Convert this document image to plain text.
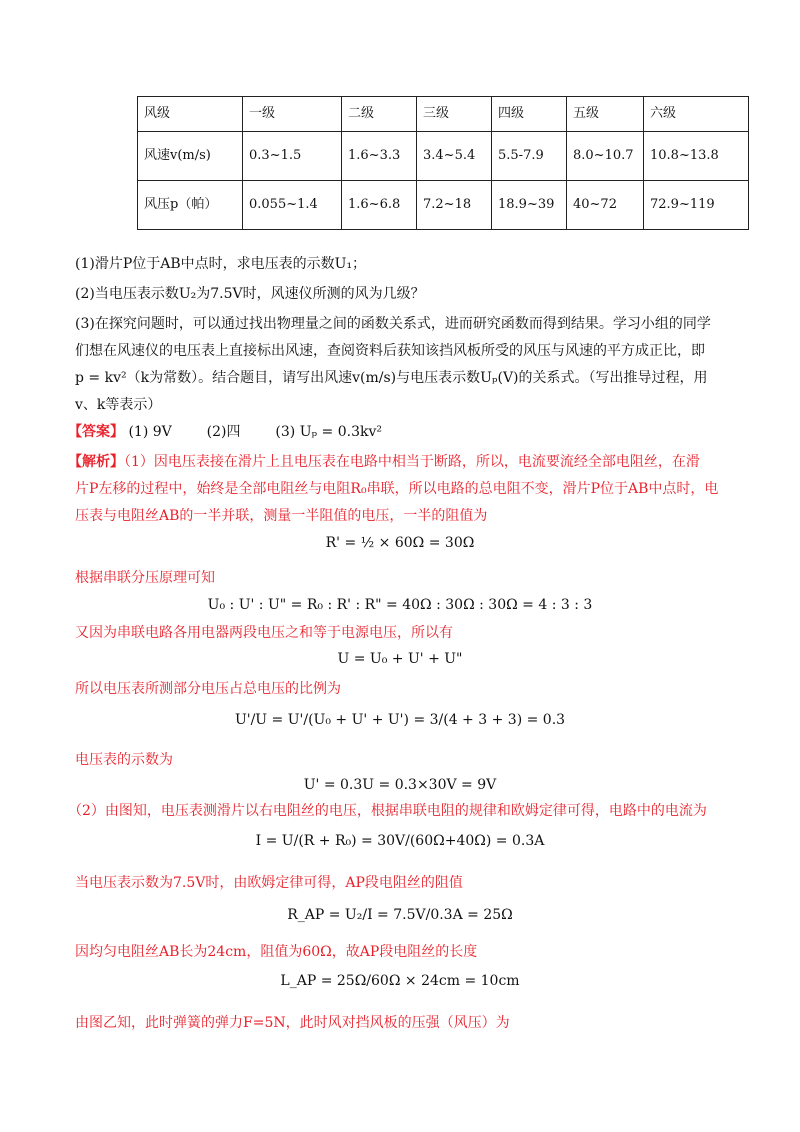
风级	一级	二级	三级	四级	五级	六级
风速v(m/s)	0.3~1.5	1.6~3.3	3.4~5.4	5.5-7.9	8.0~10.7	10.8~13.8
风压p（帕）	0.055~1.4	1.6~6.8	7.2~18	18.9~39	40~72	72.9~119
(1)滑片P位于AB中点时，求电压表的示数U₁；
(2)当电压表示数U₂为7.5V时，风速仪所测的风为几级？
(3)在探究问题时，可以通过找出物理量之间的函数关系式，进而研究函数而得到结果。学习小组的同学
们想在风速仪的电压表上直接标出风速，查阅资料后获知该挡风板所受的风压与风速的平方成正比，即
p = kv²（k为常数）。结合题目，请写出风速v(m/s)与电压表示数Uₚ(V)的关系式。（写出推导过程，用
v、k等表示）
【答案】 (1) 9V (2)四 (3) Uₚ = 0.3kv²
【解析】（1）因电压表接在滑片上且电压表在电路中相当于断路，所以，电流要流经全部电阻丝，在滑
片P左移的过程中，始终是全部电阻丝与电阻R₀串联，所以电路的总电阻不变，滑片P位于AB中点时，电
压表与电阻丝AB的一半并联，测量一半阻值的电压，一半的阻值为
R' = ½ × 60Ω = 30Ω
根据串联分压原理可知
U₀ : U' : U" = R₀ : R' : R" = 40Ω : 30Ω : 30Ω = 4 : 3 : 3
又因为串联电路各用电器两段电压之和等于电源电压，所以有
U = U₀ + U' + U"
所以电压表所测部分电压占总电压的比例为
U'/U = U'/(U₀ + U' + U') = 3/(4 + 3 + 3) = 0.3
电压表的示数为
U' = 0.3U = 0.3×30V = 9V
（2）由图知，电压表测滑片以右电阻丝的电压，根据串联电阻的规律和欧姆定律可得，电路中的电流为
I = U/(R + R₀) = 30V/(60Ω+40Ω) = 0.3A
当电压表示数为7.5V时，由欧姆定律可得，AP段电阻丝的阻值
R_AP = U₂/I = 7.5V/0.3A = 25Ω
因均匀电阻丝AB长为24cm，阻值为60Ω，故AP段电阻丝的长度
L_AP = 25Ω/60Ω × 24cm = 10cm
由图乙知，此时弹簧的弹力F=5N，此时风对挡风板的压强（风压）为
